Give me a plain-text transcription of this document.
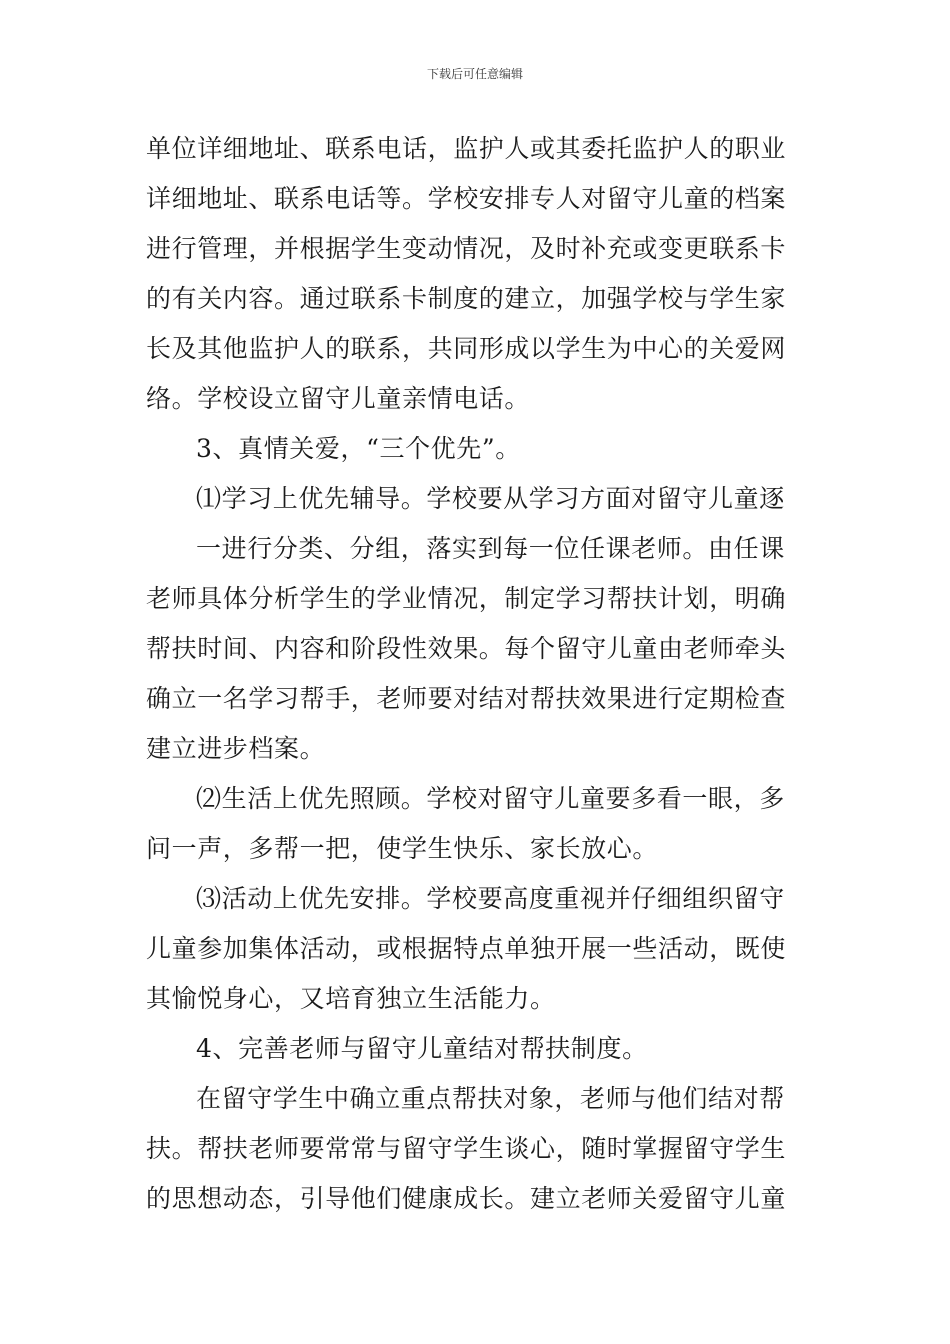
下载后可任意编辑
单位详细地址、联系电话，监护人或其委托监护人的职业
详细地址、联系电话等。学校安排专人对留守儿童的档案
进行管理，并根据学生变动情况，及时补充或变更联系卡
的有关内容。通过联系卡制度的建立，加强学校与学生家
长及其他监护人的联系，共同形成以学生为中心的关爱网
络。学校设立留守儿童亲情电话。
3、真情关爱，“三个优先”。
⑴学习上优先辅导。学校要从学习方面对留守儿童逐
一进行分类、分组，落实到每一位任课老师。由任课
老师具体分析学生的学业情况，制定学习帮扶计划，明确
帮扶时间、内容和阶段性效果。每个留守儿童由老师牵头
确立一名学习帮手，老师要对结对帮扶效果进行定期检查
建立进步档案。
⑵生活上优先照顾。学校对留守儿童要多看一眼，多
问一声，多帮一把，使学生快乐、家长放心。
⑶活动上优先安排。学校要高度重视并仔细组织留守
儿童参加集体活动，或根据特点单独开展一些活动，既使
其愉悦身心，又培育独立生活能力。
4、完善老师与留守儿童结对帮扶制度。
在留守学生中确立重点帮扶对象，老师与他们结对帮
扶。帮扶老师要常常与留守学生谈心，随时掌握留守学生
的思想动态，引导他们健康成长。建立老师关爱留守儿童
